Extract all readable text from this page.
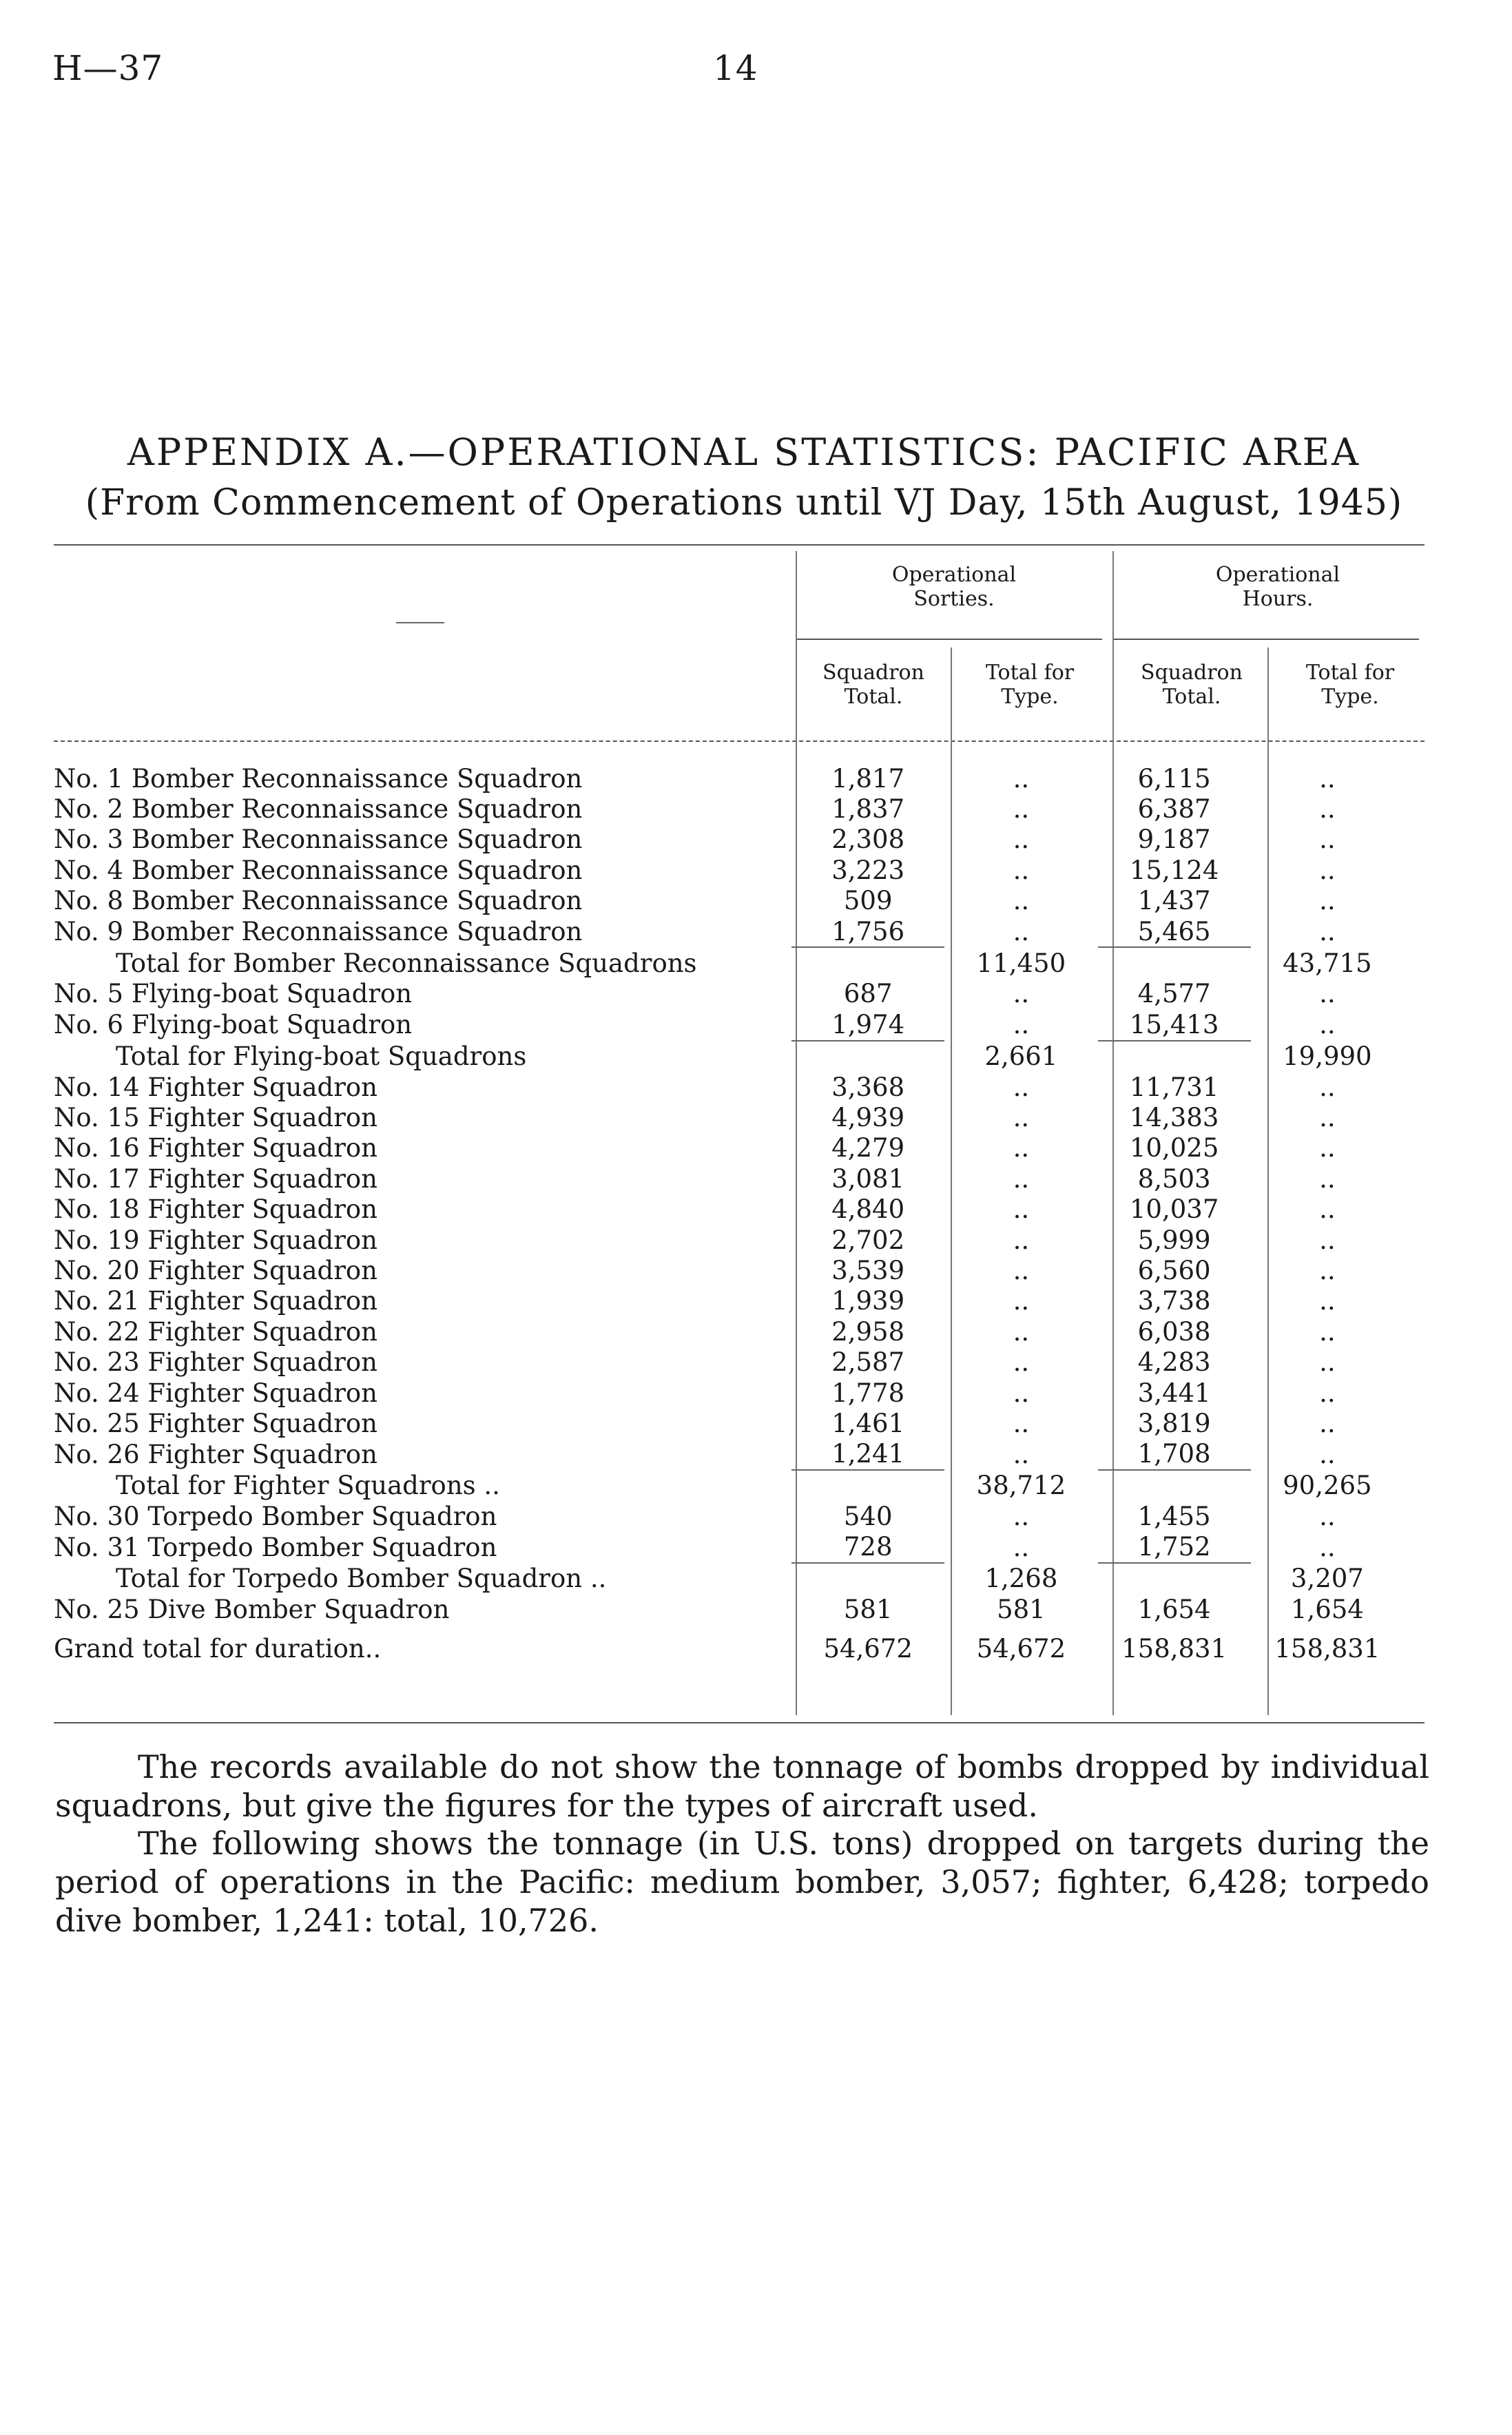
H—37	14
APPENDIX A.—OPERATIONAL STATISTICS: PACIFIC AREA
(From Commencement of Operations until VJ Day, 15th August, 1945)
Operational Sorties.
Operational Hours.
Squadron Total.
Total for Type.
Squadron Total.
Total for Type.
No. 1 Bomber Reconnaissance Squadron	1,817	..	6,115	..
No. 2 Bomber Reconnaissance Squadron	1,837	..	6,387	..
No. 3 Bomber Reconnaissance Squadron	2,308	..	9,187	..
No. 4 Bomber Reconnaissance Squadron	3,223	..	15,124	..
No. 8 Bomber Reconnaissance Squadron	509	..	1,437	..
No. 9 Bomber Reconnaissance Squadron	1,756	..	5,465	..
Total for Bomber Reconnaissance Squadrons		11,450		43,715
No. 5 Flying-boat Squadron	687	..	4,577	..
No. 6 Flying-boat Squadron	1,974	..	15,413	..
Total for Flying-boat Squadrons		2,661		19,990
No. 14 Fighter Squadron	3,368	..	11,731	..
No. 15 Fighter Squadron	4,939	..	14,383	..
No. 16 Fighter Squadron	4,279	..	10,025	..
No. 17 Fighter Squadron	3,081	..	8,503	..
No. 18 Fighter Squadron	4,840	..	10,037	..
No. 19 Fighter Squadron	2,702	..	5,999	..
No. 20 Fighter Squadron	3,539	..	6,560	..
No. 21 Fighter Squadron	1,939	..	3,738	..
No. 22 Fighter Squadron	2,958	..	6,038	..
No. 23 Fighter Squadron	2,587	..	4,283	..
No. 24 Fighter Squadron	1,778	..	3,441	..
No. 25 Fighter Squadron	1,461	..	3,819	..
No. 26 Fighter Squadron	1,241	..	1,708	..
Total for Fighter Squadrons ..		38,712		90,265
No. 30 Torpedo Bomber Squadron	540	..	1,455	..
No. 31 Torpedo Bomber Squadron	728	..	1,752	..
Total for Torpedo Bomber Squadron ..		1,268		3,207
No. 25 Dive Bomber Squadron	581	581	1,654	1,654
Grand total for duration..	54,672	54,672	158,831	158,831
The records available do not show the tonnage of bombs dropped by individual squadrons, but give the figures for the types of aircraft used.
The following shows the tonnage (in U.S. tons) dropped on targets during the period of operations in the Pacific: medium bomber, 3,057; fighter, 6,428; torpedo dive bomber, 1,241: total, 10,726.
